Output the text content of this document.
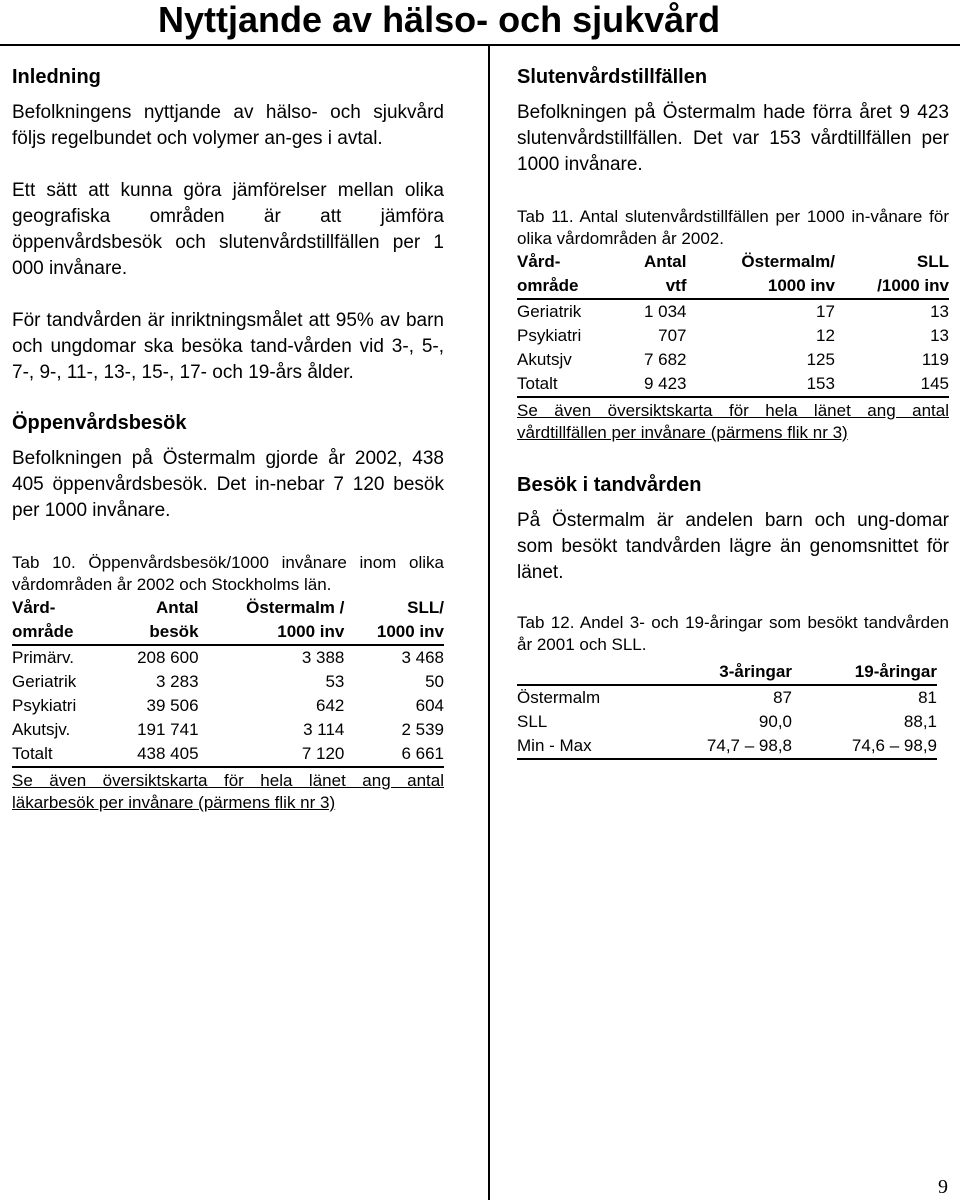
Nyttjande av hälso- och sjukvård
Inledning

Befolkningens nyttjande av hälso- och sjukvård följs regelbundet och volymer an-ges i avtal.

Ett sätt att kunna göra jämförelser mellan olika geografiska områden är att jämföra öppenvårdsbesök och slutenvårdstillfällen per 1 000 invånare.

För tandvården är inriktningsmålet att 95% av barn och ungdomar ska besöka tand-vården vid 3-, 5-, 7-, 9-, 11-, 13-, 15-, 17- och 19-års ålder.

Öppenvårdsbesök

Befolkningen på Östermalm gjorde år 2002, 438 405 öppenvårdsbesök. Det in-nebar 7 120 besök per 1000 invånare.

Tab 10. Öppenvårdsbesök/1000 invånare inom olika vårdområden år 2002 och Stockholms län.

Vård-	Antal	Östermalm /	SLL/
område	besök	1000 inv	1000 inv
Primärv.	208 600	3 388	3 468
Geriatrik	3 283	53	50
Psykiatri	39 506	642	604
Akutsjv.	191 741	3 114	2 539
Totalt	438 405	7 120	6 661

Se även översiktskarta för hela länet ang antal läkarbesök per invånare (pärmens flik nr 3)

Slutenvårdstillfällen

Befolkningen på Östermalm hade förra året 9 423 slutenvårdstillfällen. Det var 153 vårdtillfällen per 1000 invånare.

Tab 11. Antal slutenvårdstillfällen per 1000 in-vånare för olika vårdområden år 2002.

Vård-	Antal	Östermalm/	SLL
område	vtf	1000 inv	/1000 inv
Geriatrik	1 034	17	13
Psykiatri	707	12	13
Akutsjv	7 682	125	119
Totalt	9 423	153	145

Se även översiktskarta för hela länet ang antal vårdtillfällen per invånare (pärmens flik nr 3)

Besök i tandvården

På Östermalm är andelen barn och ung-domar som besökt tandvården lägre än genomsnittet för länet.

Tab 12. Andel 3- och 19-åringar som besökt tandvården år 2001 och SLL.

	3-åringar	19-åringar
Östermalm	87	81
SLL	90,0	88,1
Min - Max	74,7 – 98,8	74,6 – 98,9
9
